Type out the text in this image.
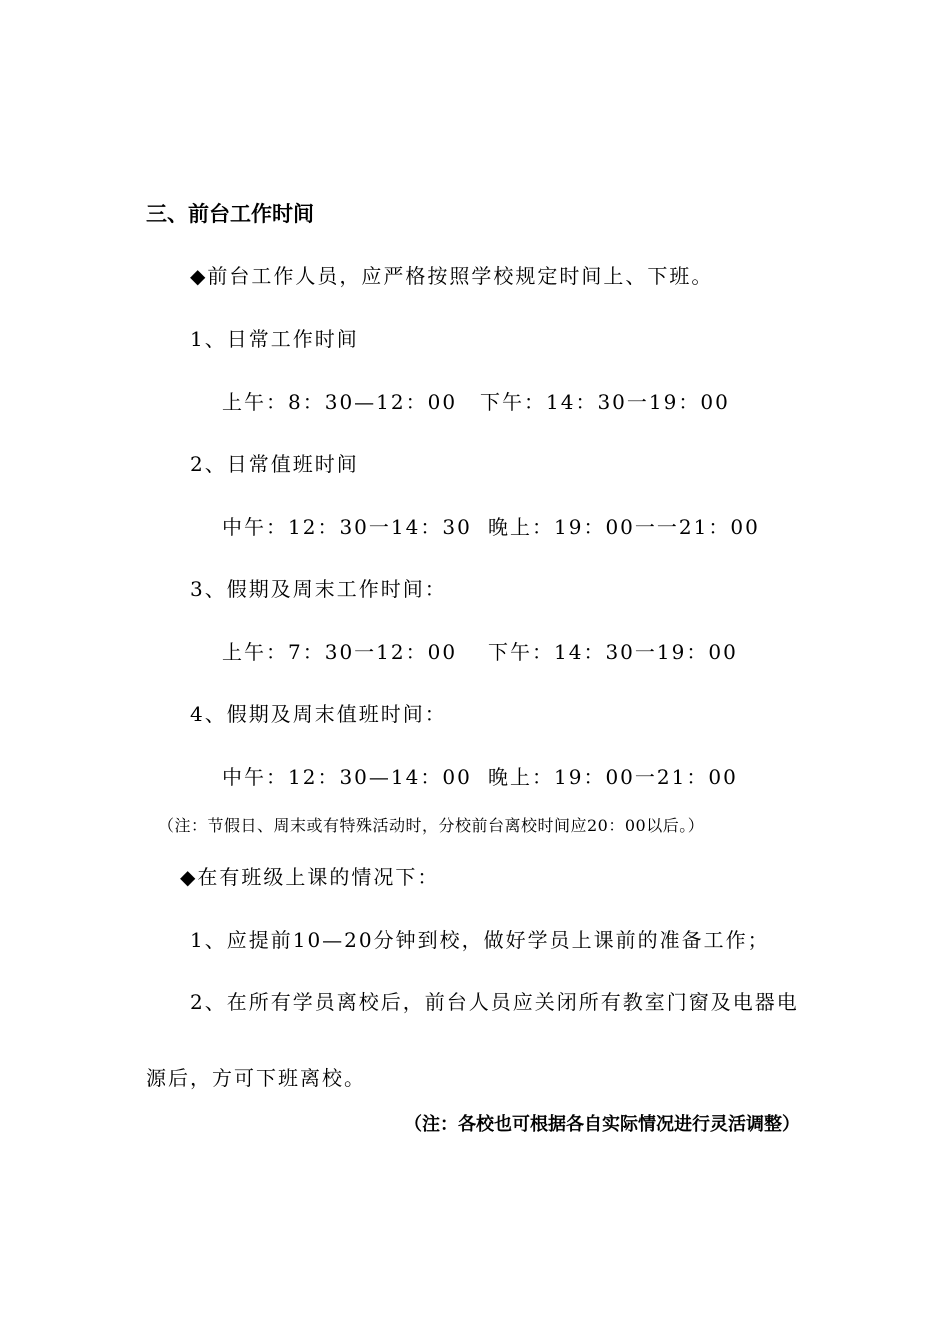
三、前台工作时间
◆前台工作人员，应严格按照学校规定时间上、下班。
1、日常工作时间
上午：8：30—12：00 下午：14：30一19：00
2、日常值班时间
中午：12：30一14：30 晚上：19：00一一21：00
3、假期及周末工作时间：
上午：7：30一12：00 下午：14：30一19：00
4、假期及周末值班时间：
中午：12：30—14：00 晚上：19：00一21：00
（注：节假日、周末或有特殊活动时，分校前台离校时间应20：00以后。）
◆在有班级上课的情况下：
1、应提前10—20分钟到校，做好学员上课前的准备工作；
2、在所有学员离校后，前台人员应关闭所有教室门窗及电器电
源后，方可下班离校。
（注：各校也可根据各自实际情况进行灵活调整）
